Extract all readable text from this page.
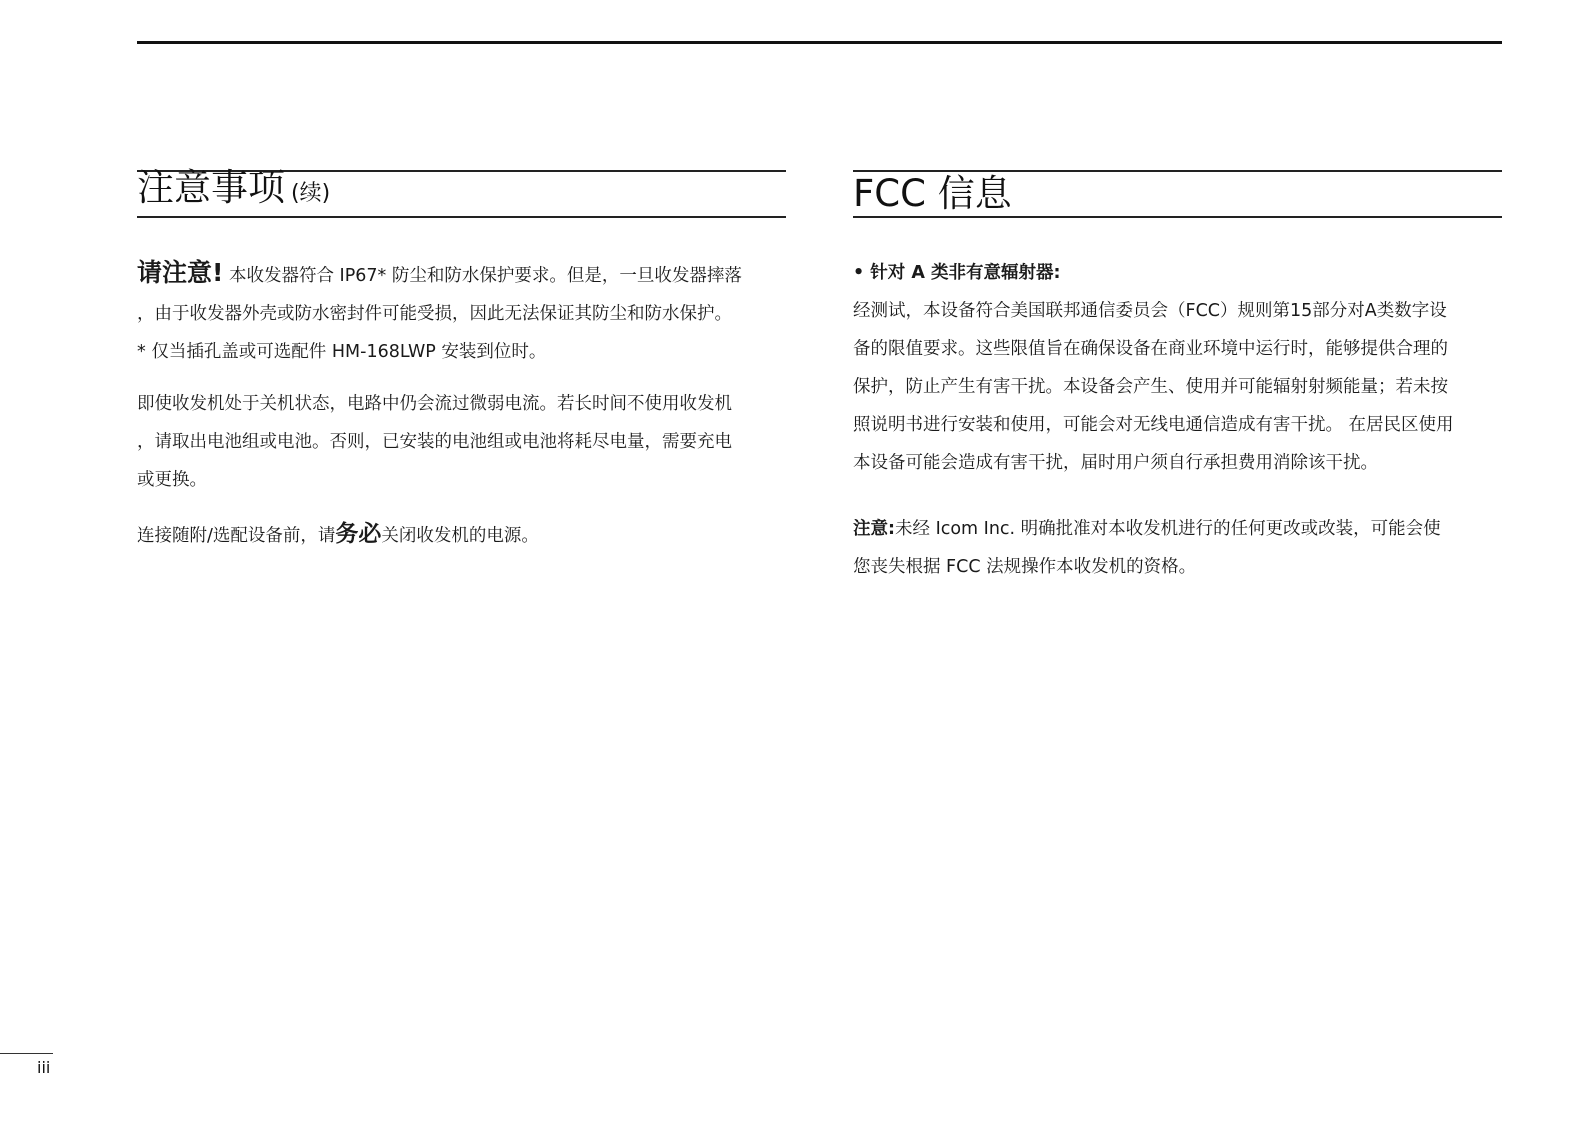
注意事项 (续)
请注意! 本收发器符合 IP67* 防尘和防水保护要求。但是，一旦收发器摔落
，由于收发器外壳或防水密封件可能受损，因此无法保证其防尘和防水保护。
* 仅当插孔盖或可选配件 HM-168LWP 安装到位时。
即使收发机处于关机状态，电路中仍会流过微弱电流。若长时间不使用收发机
，请取出电池组或电池。否则，已安装的电池组或电池将耗尽电量，需要充电
或更换。
连接随附/选配设备前，请务必关闭收发机的电源。
FCC 信息
• 针对 A 类非有意辐射器:
经测试，本设备符合美国联邦通信委员会（FCC）规则第15部分对A类数字设
备的限值要求。这些限值旨在确保设备在商业环境中运行时，能够提供合理的
保护，防止产生有害干扰。本设备会产生、使用并可能辐射射频能量；若未按
照说明书进行安装和使用，可能会对无线电通信造成有害干扰。 在居民区使用
本设备可能会造成有害干扰，届时用户须自行承担费用消除该干扰。
注意:未经 Icom Inc. 明确批准对本收发机进行的任何更改或改装，可能会使
您丧失根据 FCC 法规操作本收发机的资格。
iii
